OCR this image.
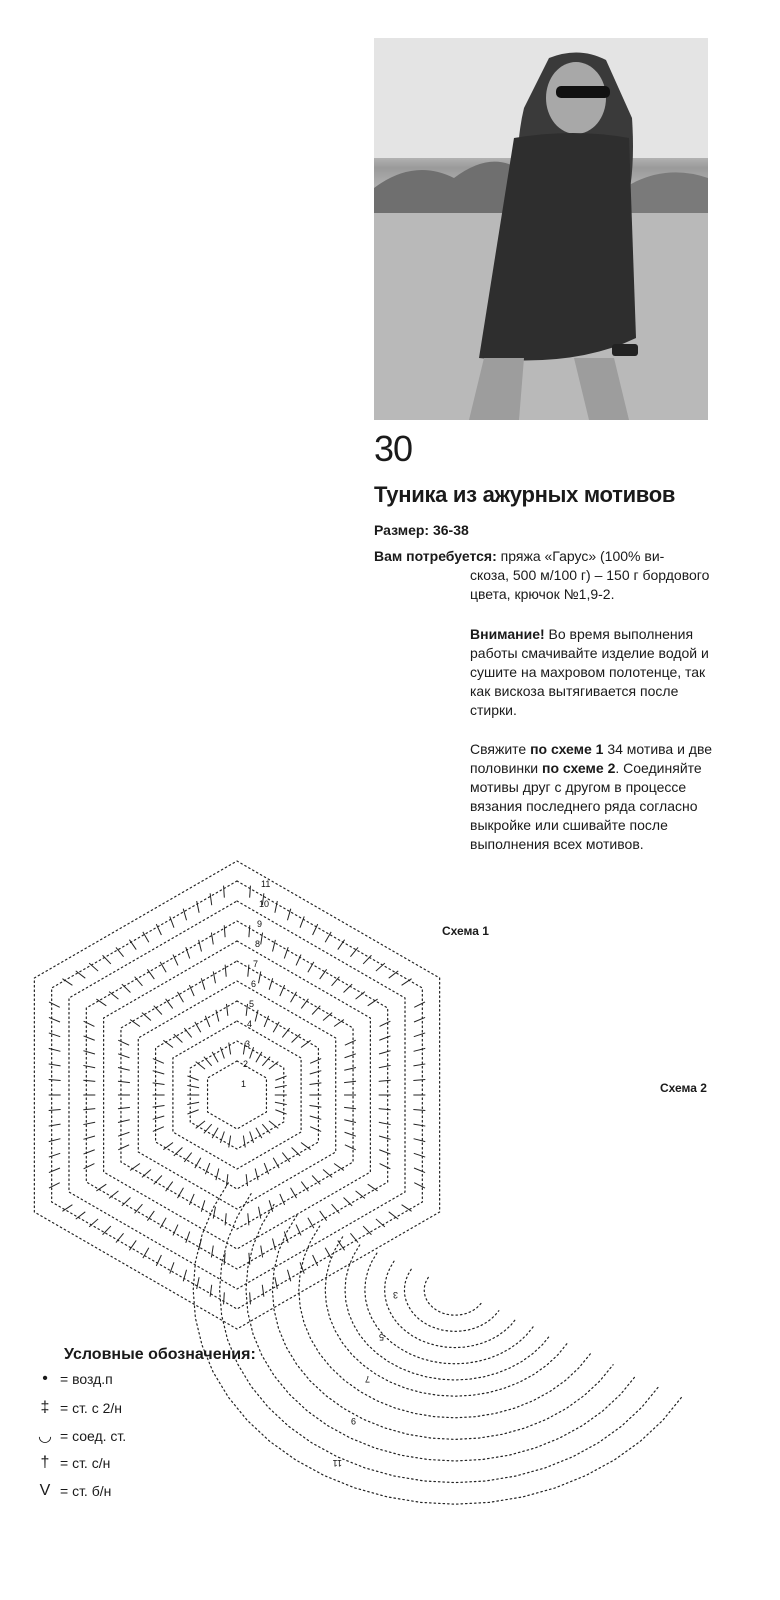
30
Туника из ажурных мотивов
Размер: 36-38
Вам потребуется: пряжа «Гарус» (100% ви-
скоза, 500 м/100 г) – 150 г бордового цвета, крючок №1,9-2.
Внимание! Во время выполнения работы смачивайте изделие водой и сушите на махровом полотенце, так как вискоза вытягивается после стирки.
Свяжите по схеме 1 34 мотива и две половинки по схеме 2. Соединяйте мотивы друг с другом в процессе вязания последнего ряда согласно выкройке или сшивайте после выполнения всех мотивов.
Схема 1
Схема 2
1
2
3
4
5
6
7
8
9
10
11
3
5
7
9
11
Условные обозначения:
• = возд.п
‡ = ст. с 2/н
◡ = соед. ст.
† = ст. с/н
V = ст. б/н
